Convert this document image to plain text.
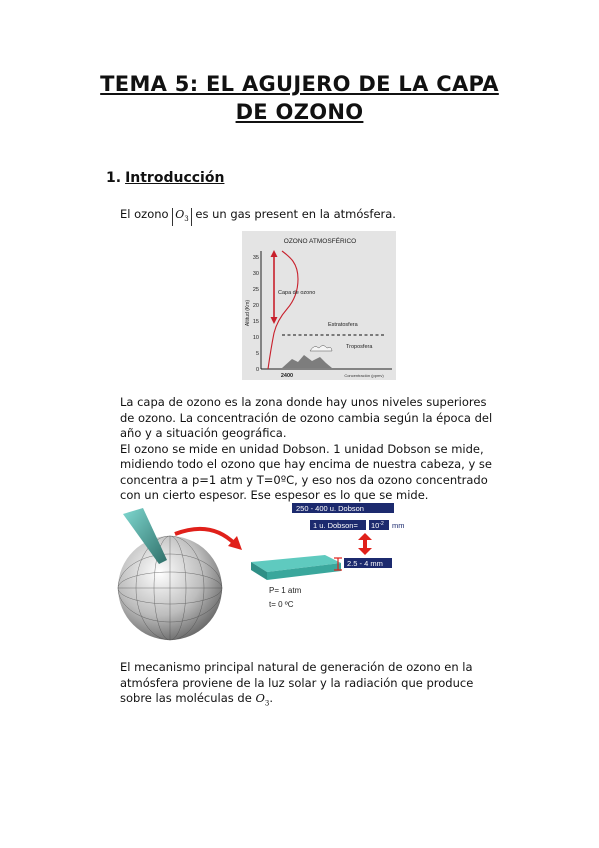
TEMA 5: EL AGUJERO DE LA CAPA
DE OZONO
1. Introducción

El ozono $O_3$ es un gas present en la atmósfera.

OZONO ATMOSFÉRICO
Altitud (Km)
35
30
25
20
15
10
5
0
2400	Concentración (ppmv)
Capa de ozono
Estratosfera
Troposfera

La capa de ozono es la zona donde hay unos niveles superiores
de ozono. La concentración de ozono cambia según la época del
año y a situación geográfica.
El ozono se mide en unidad Dobson. 1 unidad Dobson se mide,
midiendo todo el ozono que hay encima de nuestra cabeza, y se
concentra a p=1 atm y T=0ºC, y eso nos da ozono concentrado
con un cierto espesor. Ese espesor es lo que se mide.

250 - 400 u. Dobson
1 u. Dobson= $10^{-2}$ mm
2.5 - 4 mm
P= 1 atm
t= 0 ºC

El mecanismo principal natural de generación de ozono en la
atmósfera proviene de la luz solar y la radiación que produce
sobre las moléculas de $O_3$.
